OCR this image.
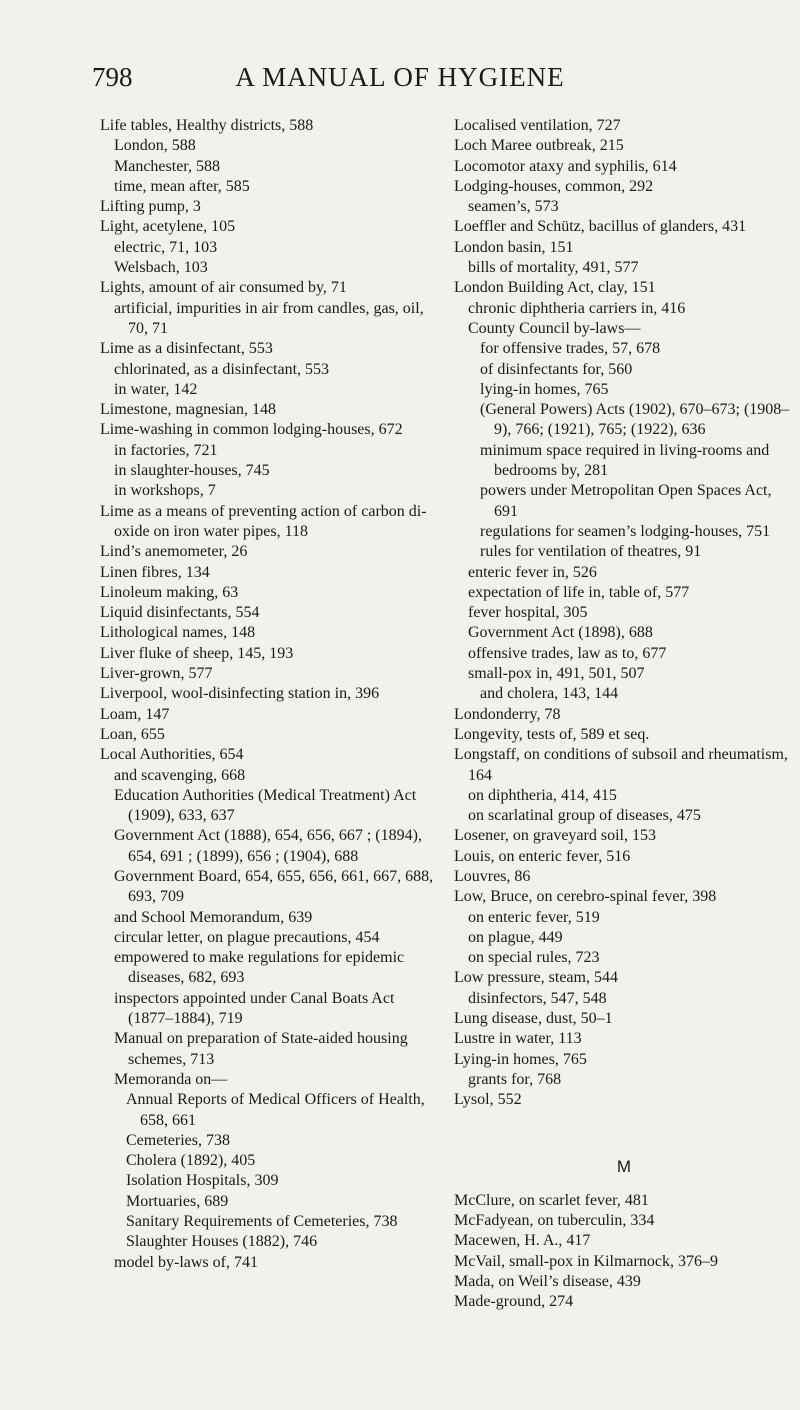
798	A MANUAL OF HYGIENE
Life tables, Healthy districts, 588
London, 588
Manchester, 588
time, mean after, 585
Lifting pump, 3
Light, acetylene, 105
electric, 71, 103
Welsbach, 103
Lights, amount of air consumed by, 71
artificial, impurities in air from candles, gas, oil, 70, 71
Lime as a disinfectant, 553
chlorinated, as a disinfectant, 553
in water, 142
Limestone, magnesian, 148
Lime-washing in common lodging-houses, 672
in factories, 721
in slaughter-houses, 745
in workshops, 7
Lime as a means of preventing action of carbon di-oxide on iron water pipes, 118
Lind’s anemometer, 26
Linen fibres, 134
Linoleum making, 63
Liquid disinfectants, 554
Lithological names, 148
Liver fluke of sheep, 145, 193
Liver-grown, 577
Liverpool, wool-disinfecting station in, 396
Loam, 147
Loan, 655
Local Authorities, 654
and scavenging, 668
Education Authorities (Medical Treatment) Act (1909), 633, 637
Government Act (1888), 654, 656, 667 ; (1894), 654, 691 ; (1899), 656 ; (1904), 688
Government Board, 654, 655, 656, 661, 667, 688, 693, 709
and School Memorandum, 639
circular letter, on plague precautions, 454
empowered to make regulations for epidemic diseases, 682, 693
inspectors appointed under Canal Boats Act (1877–1884), 719
Manual on preparation of State-aided housing schemes, 713
Memoranda on—
Annual Reports of Medical Officers of Health, 658, 661
Cemeteries, 738
Cholera (1892), 405
Isolation Hospitals, 309
Mortuaries, 689
Sanitary Requirements of Cemeteries, 738
Slaughter Houses (1882), 746
model by-laws of, 741
Localised ventilation, 727
Loch Maree outbreak, 215
Locomotor ataxy and syphilis, 614
Lodging-houses, common, 292
seamen’s, 573
Loeffler and Schütz, bacillus of glanders, 431
London basin, 151
bills of mortality, 491, 577
London Building Act, clay, 151
chronic diphtheria carriers in, 416
County Council by-laws—
for offensive trades, 57, 678
of disinfectants for, 560
lying-in homes, 765
(General Powers) Acts (1902), 670–673; (1908–9), 766; (1921), 765; (1922), 636
minimum space required in living-rooms and bedrooms by, 281
powers under Metropolitan Open Spaces Act, 691
regulations for seamen’s lodging-houses, 751
rules for ventilation of theatres, 91
enteric fever in, 526
expectation of life in, table of, 577
fever hospital, 305
Government Act (1898), 688
offensive trades, law as to, 677
small-pox in, 491, 501, 507
and cholera, 143, 144
Londonderry, 78
Longevity, tests of, 589 et seq.
Longstaff, on conditions of subsoil and rheumatism, 164
on diphtheria, 414, 415
on scarlatinal group of diseases, 475
Losener, on graveyard soil, 153
Louis, on enteric fever, 516
Louvres, 86
Low, Bruce, on cerebro-spinal fever, 398
on enteric fever, 519
on plague, 449
on special rules, 723
Low pressure, steam, 544
disinfectors, 547, 548
Lung disease, dust, 50–1
Lustre in water, 113
Lying-in homes, 765
grants for, 768
Lysol, 552
M
McClure, on scarlet fever, 481
McFadyean, on tuberculin, 334
Macewen, H. A., 417
McVail, small-pox in Kilmarnock, 376–9
Mada, on Weil’s disease, 439
Made-ground, 274
